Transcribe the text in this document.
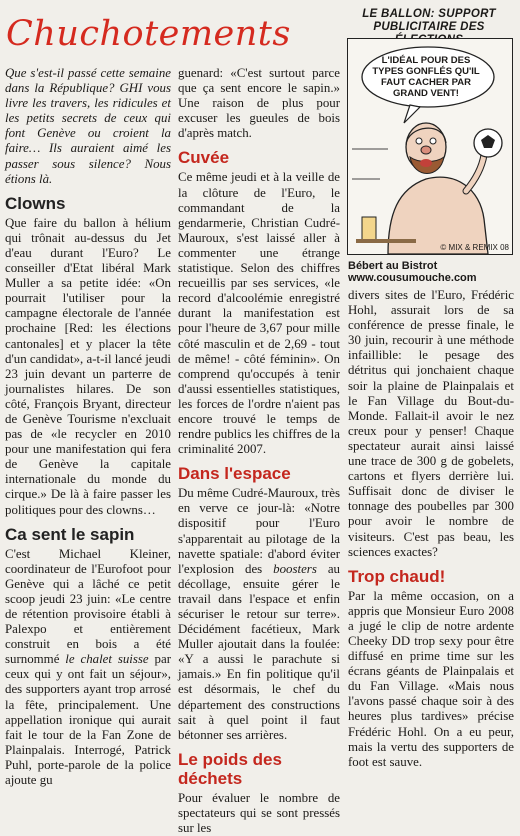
Chuchotements

Que s'est-il passé cette semaine dans la République? GHI vous livre les travers, les ridicules et les petits secrets de ceux qui font Genève ou croient la faire… Ils auraient aimé les passer sous silence? Nous étions là.

Clowns

Que faire du ballon à hélium qui trônait au-dessus du Jet d'eau durant l'Euro? Le conseiller d'Etat libéral Mark Muller a sa petite idée: «On pourrait l'utiliser pour la campagne électorale de l'année prochaine [Red: les élections cantonales] et y placer la tête d'un candidat», a-t-il lancé jeudi 23 juin devant un parterre de journalistes hilares. De son côté, François Bryant, directeur de Genève Tourisme n'excluait pas de «le recycler en 2010 pour une manifestation qui fera de Genève la capitale internationale du monde du cirque.» De là à faire passer les politiques pour des clowns…

Ca sent le sapin

C'est Michael Kleiner, coordinateur de l'Eurofoot pour Genève qui a lâché ce petit scoop jeudi 23 juin: «Le centre de rétention provisoire établi à Palexpo et entièrement construit en bois a été surnommé le chalet suisse par ceux qui y ont fait un séjour», des supporters ayant trop arrosé la fête, principalement. Une appellation ironique qui aurait fait le tour de la Fan Zone de Plainpalais. Interrogé, Patrick Puhl, porte-parole de la police ajoute gu

guenard: «C'est surtout parce que ça sent encore le sapin.» Une raison de plus pour excuser les gueules de bois d'après match.

Cuvée

Ce même jeudi et à la veille de la clôture de l'Euro, le commandant de la gendarmerie, Christian Cudré-Mauroux, s'est laissé aller à commenter une étrange statistique. Selon des chiffres recueillis par ses services, «le record d'alcoolémie enregistré durant la manifestation est pour l'heure de 3,67 pour mille côté masculin et de 2,69 - tout de même! - côté féminin». On comprend qu'occupés à tenir d'aussi essentielles statistiques, les forces de l'ordre n'aient pas encore trouvé le temps de rendre publics les chiffres de la criminalité 2007.

Dans l'espace

Du même Cudré-Mauroux, très en verve ce jour-là: «Notre dispositif pour l'Euro s'apparentait au pilotage de la navette spatiale: d'abord éviter l'explosion des boosters au décollage, ensuite gérer le travail dans l'espace et enfin sécuriser le retour sur terre». Décidément facétieux, Mark Muller ajoutait dans la foulée: «Y a aussi le parachute si jamais.» En fin politique qu'il est désormais, le chef du département des constructions sait à quel point il faut bétonner ses arrières.

Le poids des déchets

Pour évaluer le nombre de spectateurs qui se sont pressés sur les

LE BALLON: SUPPORT PUBLICITAIRE DES
L'IDÉAL POUR DES TYPES GONFLÉS QU'IL FAUT CACHER PAR GRAND VENT!
© MIX & REMIX 08
Bébert au Bistrot
www.cousumouche.com

divers sites de l'Euro, Frédéric Hohl, assurait lors de sa conférence de presse finale, le 30 juin, recourir à une méthode infaillible: le pesage des détritus qui jonchaient chaque soir la plaine de Plainpalais et le Fan Village du Bout-du-Monde. Fallait-il avoir le nez creux pour y penser! Chaque spectateur aurait ainsi laissé une trace de 300 g de gobelets, cartons et flyers derrière lui. Suffisait donc de diviser le tonnage des poubelles par 300 pour avoir le nombre de visiteurs. C'est pas beau, les sciences exactes?

Trop chaud!

Par la même occasion, on a appris que Monsieur Euro 2008 a jugé le clip de notre ardente Cheeky DD trop sexy pour être diffusé en prime time sur les écrans géants de Plainpalais et du Fan Village. «Mais nous l'avons passé chaque soir à des heures plus tardives» précise Frédéric Hohl. On a eu peur, mais la vertu des supporters de foot est sauve.
